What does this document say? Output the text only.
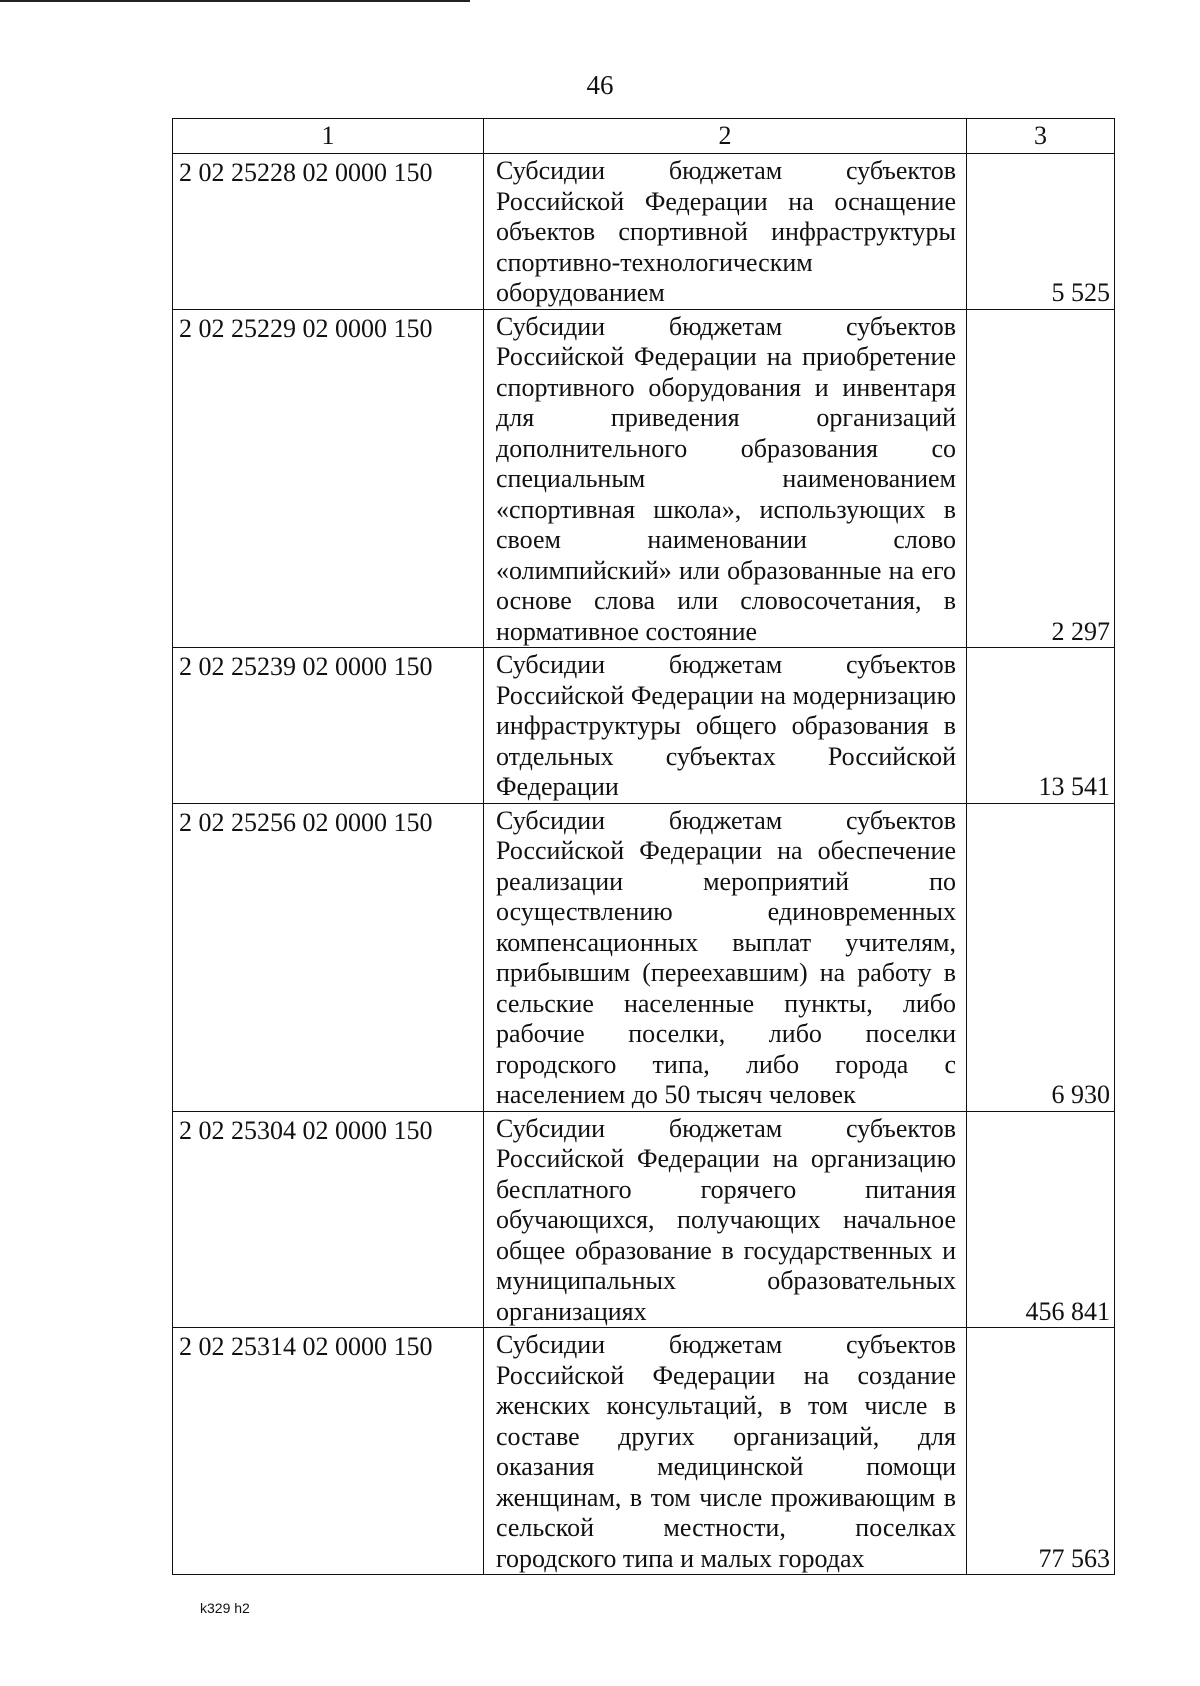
46
1	2	3
2 02 25228 02 0000 150	Субсидии бюджетам субъектов Российской Федерации на оснащение объектов спортивной инфраструктуры спортивно-технологическим оборудованием	5 525
2 02 25229 02 0000 150	Субсидии бюджетам субъектов Российской Федерации на приобретение спортивного оборудования и инвентаря для приведения организаций дополнительного образования со специальным наименованием «спортивная школа», использующих в своем наименовании слово «олимпийский» или образованные на его основе слова или словосочетания, в нормативное состояние	2 297
2 02 25239 02 0000 150	Субсидии бюджетам субъектов Российской Федерации на модернизацию инфраструктуры общего образования в отдельных субъектах Российской Федерации	13 541
2 02 25256 02 0000 150	Субсидии бюджетам субъектов Российской Федерации на обеспечение реализации мероприятий по осуществлению единовременных компенсационных выплат учителям, прибывшим (переехавшим) на работу в сельские населенные пункты, либо рабочие поселки, либо поселки городского типа, либо города с населением до 50 тысяч человек	6 930
2 02 25304 02 0000 150	Субсидии бюджетам субъектов Российской Федерации на организацию бесплатного горячего питания обучающихся, получающих начальное общее образование в государственных и муниципальных образовательных организациях	456 841
2 02 25314 02 0000 150	Субсидии бюджетам субъектов Российской Федерации на создание женских консультаций, в том числе в составе других организаций, для оказания медицинской помощи женщинам, в том числе проживающим в сельской местности, поселках городского типа и малых городах	77 563
k329 h2
